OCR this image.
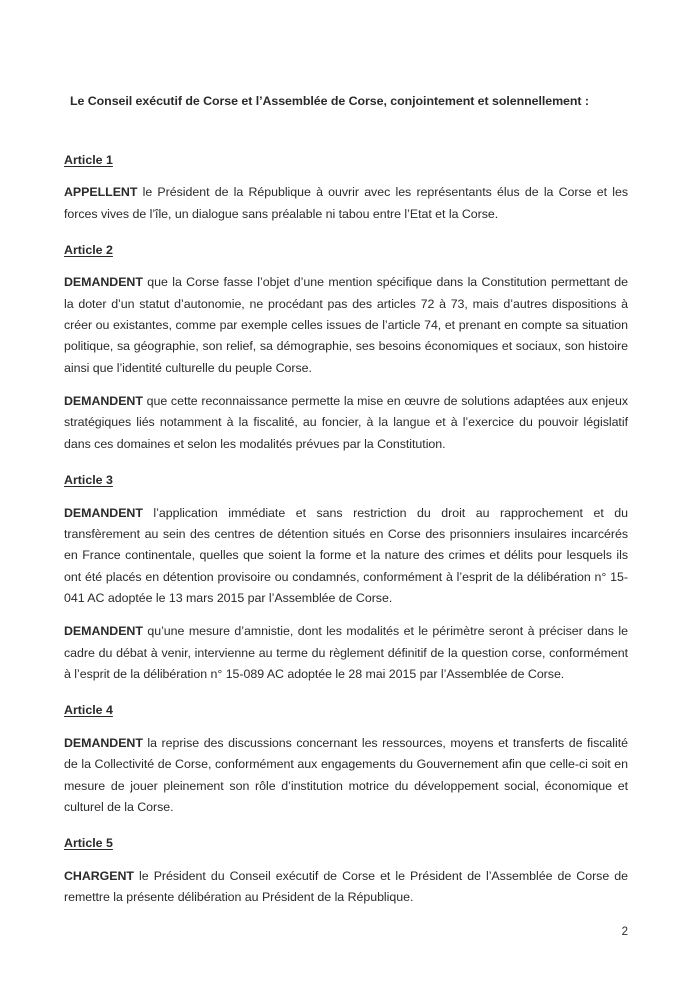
Le Conseil exécutif de Corse et l’Assemblée de Corse, conjointement et solennellement :

Article 1

APPELLENT le Président de la République à ouvrir avec les représentants élus de la Corse et les forces vives de l’île, un dialogue sans préalable ni tabou entre l’Etat et la Corse.

Article 2

DEMANDENT que la Corse fasse l’objet d’une mention spécifique dans la Constitution permettant de la doter d’un statut d’autonomie, ne procédant pas des articles 72 à 73, mais d’autres dispositions à créer ou existantes, comme par exemple celles issues de l’article 74, et prenant en compte sa situation politique, sa géographie, son relief, sa démographie, ses besoins économiques et sociaux, son histoire ainsi que l’identité culturelle du peuple Corse.

DEMANDENT que cette reconnaissance permette la mise en œuvre de solutions adaptées aux enjeux stratégiques liés notamment à la fiscalité, au foncier, à la langue et à l’exercice du pouvoir législatif dans ces domaines et selon les modalités prévues par la Constitution.

Article 3

DEMANDENT l’application immédiate et sans restriction du droit au rapprochement et du transfèrement au sein des centres de détention situés en Corse des prisonniers insulaires incarcérés en France continentale, quelles que soient la forme et la nature des crimes et délits pour lesquels ils ont été placés en détention provisoire ou condamnés, conformément à l’esprit de la délibération n° 15-041 AC adoptée le 13 mars 2015 par l’Assemblée de Corse.

DEMANDENT qu’une mesure d’amnistie, dont les modalités et le périmètre seront à préciser dans le cadre du débat à venir, intervienne au terme du règlement définitif de la question corse, conformément à l’esprit de la délibération n° 15-089 AC adoptée le 28 mai 2015 par l’Assemblée de Corse.

Article 4

DEMANDENT la reprise des discussions concernant les ressources, moyens et transferts de fiscalité de la Collectivité de Corse, conformément aux engagements du Gouvernement afin que celle-ci soit en mesure de jouer pleinement son rôle d’institution motrice du développement social, économique et culturel de la Corse.

Article 5

CHARGENT le Président du Conseil exécutif de Corse et le Président de l’Assemblée de Corse de remettre la présente délibération au Président de la République.

2
